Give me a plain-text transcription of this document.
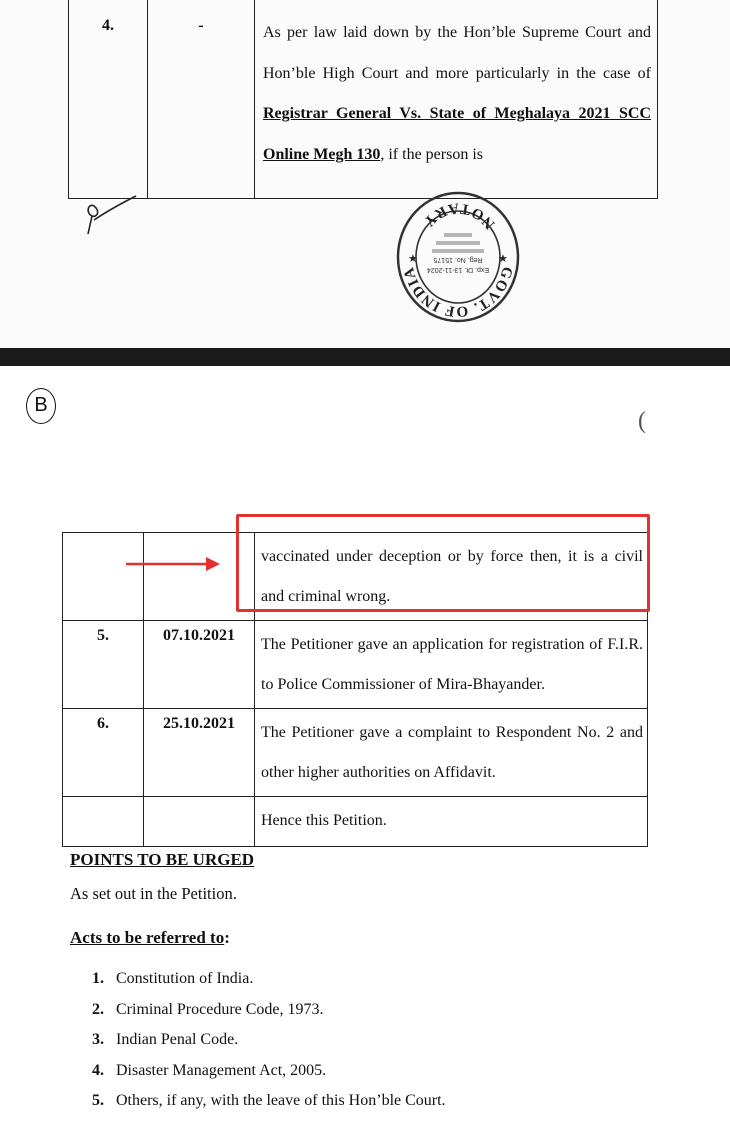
4.	-	As per law laid down by the Hon’ble Supreme Court and Hon’ble High Court and more particularly in the case of Registrar General Vs. State of Meghalaya 2021 SCC Online Megh 130, if the person is
GOVT. OF INDIA
NOTARY
Exp. Dt. 13-11-2024
Reg. No. 15175
★	★
B
(
		vaccinated under deception or by force then, it is a civil and criminal wrong.
5.	07.10.2021	The Petitioner gave an application for registration of F.I.R. to Police Commissioner of Mira-Bhayander.
6.	25.10.2021	The Petitioner gave a complaint to Respondent No. 2 and other higher authorities on Affidavit.
		Hence this Petition.
POINTS TO BE URGED
As set out in the Petition.
Acts to be referred to:
1. Constitution of India.
2. Criminal Procedure Code, 1973.
3. Indian Penal Code.
4. Disaster Management Act, 2005.
5. Others, if any, with the leave of this Hon’ble Court.
